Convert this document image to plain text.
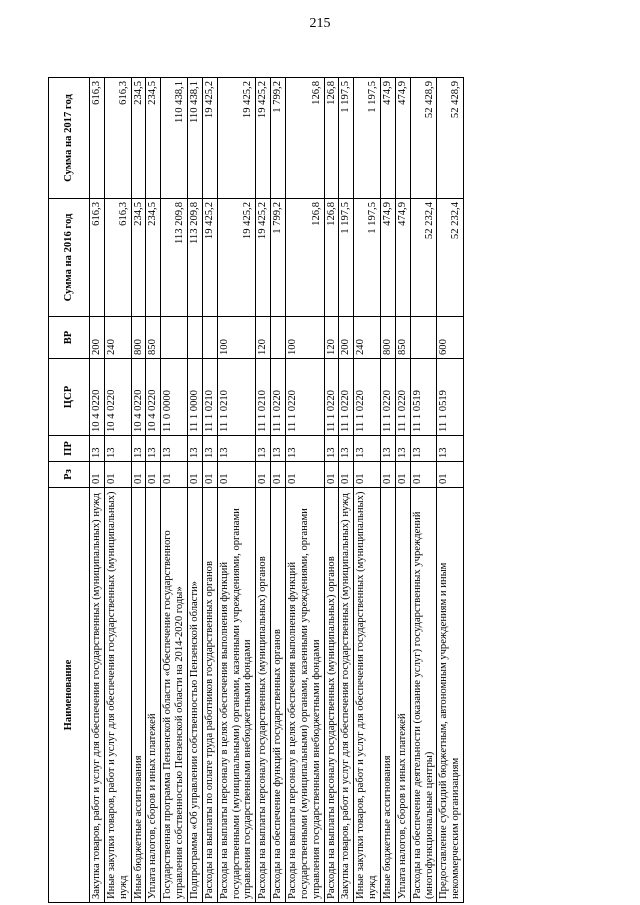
215
Наименование	Рз	ПР	ЦСР	ВР	Сумма на 2016 год	Сумма на 2017 год
Закупка товаров, работ и услуг для обеспечения государственных (муниципальных) нужд	01	13	10 4 0220	200	616,3	616,3
Иные закупки товаров, работ и услуг для обеспечения государственных (муниципальных) нужд	01	13	10 4 0220	240	616,3	616,3
Иные бюджетные ассигнования	01	13	10 4 0220	800	234,5	234,5
Уплата налогов, сборов и иных платежей	01	13	10 4 0220	850	234,5	234,5
Государственная программа Пензенской области «Обеспечение государственного управления собственностью Пензенской области на 2014-2020 годы»	01	13	11 0 0000		113 209,8	110 438,1
Подпрограмма «Об управлении собственностью Пензенской области»	01	13	11 1 0000		113 209,8	110 438,1
Расходы на выплаты по оплате труда работников государственных органов	01	13	11 1 0210		19 425,2	19 425,2
Расходы на выплаты персоналу в целях обеспечения выполнения функций государственными (муниципальными) органами, казенными учреждениями, органами управления государственными внебюджетными фондами	01	13	11 1 0210	100	19 425,2	19 425,2
Расходы на выплаты персоналу государственных (муниципальных) органов	01	13	11 1 0210	120	19 425,2	19 425,2
Расходы на обеспечение функций государственных органов	01	13	11 1 0220		1 799,2	1 799,2
Расходы на выплаты персоналу в целях обеспечения выполнения функций государственными (муниципальными) органами, казенными учреждениями, органами управления государственными внебюджетными фондами	01	13	11 1 0220	100	126,8	126,8
Расходы на выплаты персоналу государственных (муниципальных) органов	01	13	11 1 0220	120	126,8	126,8
Закупка товаров, работ и услуг для обеспечения государственных (муниципальных) нужд	01	13	11 1 0220	200	1 197,5	1 197,5
Иные закупки товаров, работ и услуг для обеспечения государственных (муниципальных) нужд	01	13	11 1 0220	240	1 197,5	1 197,5
Иные бюджетные ассигнования	01	13	11 1 0220	800	474,9	474,9
Уплата налогов, сборов и иных платежей	01	13	11 1 0220	850	474,9	474,9
Расходы на обеспечение деятельности (оказание услуг) государственных учреждений (многофункциональные центры)	01	13	11 1 0519		52 232,4	52 428,9
Предоставление субсидий бюджетным, автономным учреждениям и иным некоммерческим организациям	01	13	11 1 0519	600	52 232,4	52 428,9
